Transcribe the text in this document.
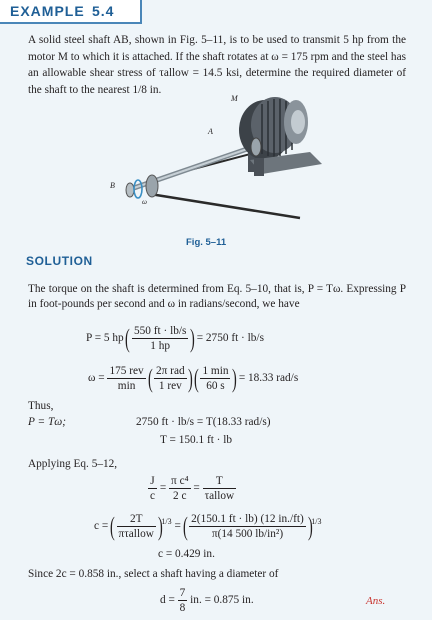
EXAMPLE 5.4

A solid steel shaft AB, shown in Fig. 5–11, is to be used to transmit 5 hp from the motor M to which it is attached. If the shaft rotates at ω = 175 rpm and the steel has an allowable shear stress of τallow = 14.5 ksi, determine the required diameter of the shaft to the nearest 1/8 in.

M
A
B
ω
Fig. 5–11
SOLUTION

The torque on the shaft is determined from Eq. 5–10, that is, P = Tω. Expressing P in foot-pounds per second and ω in radians/second, we have

P = 5 hp ( $\frac{550 ft \cdot lb/s}{1 hp}$ ) = 2750 ft · lb/s
$\omega = \frac{\text{175 rev}}{\min}$ ( $\frac{\text{2π rad}}{\text{1 rev}}$ ) ( $\frac{1 \min}{60 s}$ ) = 18.33 rad/s
Thus,
P = Tω;	2750 ft · lb/s = T(18.33 rad/s)
T = 150.1 ft · lb
Applying Eq. 5–12,
$\frac{J}{c} = \frac{\text{π c⁴}}{2 c} = \frac{T}{\text{τallow}}$
c = ( $\frac{2T}{\text{πτallow}} )^{1/3}$ = ( $\frac{2(150.1 ft \cdot lb) (12 in./ft)}{\text{π(14 500 lb/in²)}} )^{1/3}$
c = 0.429 in.
Since 2c = 0.858 in., select a shaft having a diameter of
$d = \frac{7}{8}$ in. = 0.875 in.	Ans.
